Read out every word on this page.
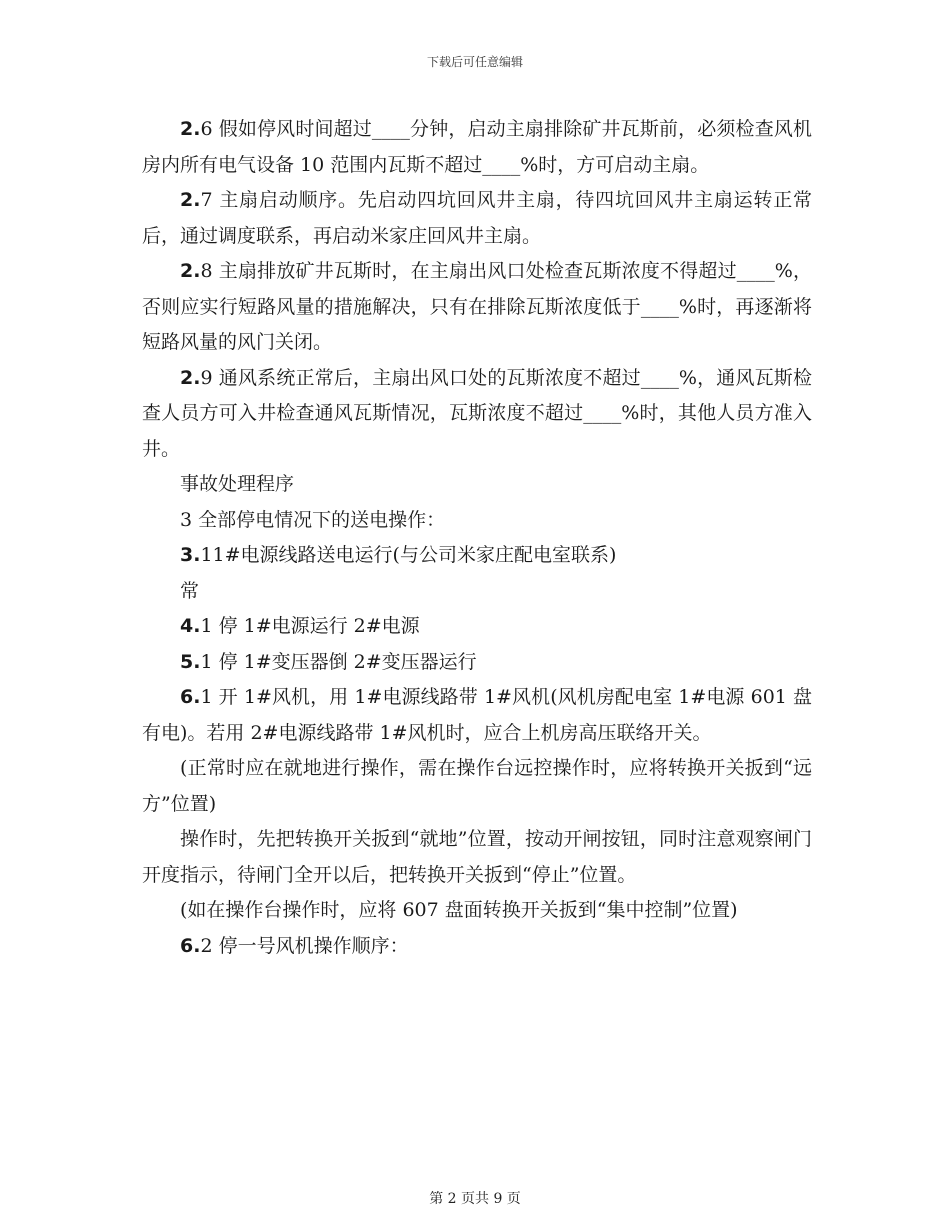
下载后可任意编辑

2.6 假如停风时间超过____分钟，启动主扇排除矿井瓦斯前，必须检查风机房内所有电气设备 10 范围内瓦斯不超过____%时，方可启动主扇。

2.7 主扇启动顺序。先启动四坑回风井主扇，待四坑回风井主扇运转正常后，通过调度联系，再启动米家庄回风井主扇。

2.8 主扇排放矿井瓦斯时，在主扇出风口处检查瓦斯浓度不得超过____%，否则应实行短路风量的措施解决，只有在排除瓦斯浓度低于____%时，再逐渐将短路风量的风门关闭。

2.9 通风系统正常后，主扇出风口处的瓦斯浓度不超过____%，通风瓦斯检查人员方可入井检查通风瓦斯情况，瓦斯浓度不超过____%时，其他人员方准入井。

事故处理程序

3 全部停电情况下的送电操作：

3.11#电源线路送电运行(与公司米家庄配电室联系)

常

4.1 停 1#电源运行 2#电源

5.1 停 1#变压器倒 2#变压器运行

6.1 开 1#风机，用 1#电源线路带 1#风机(风机房配电室 1#电源 601 盘有电)。若用 2#电源线路带 1#风机时，应合上机房高压联络开关。

(正常时应在就地进行操作，需在操作台远控操作时，应将转换开关扳到“远方”位置)

操作时，先把转换开关扳到“就地”位置，按动开闸按钮，同时注意观察闸门开度指示，待闸门全开以后，把转换开关扳到“停止”位置。

(如在操作台操作时，应将 607 盘面转换开关扳到“集中控制”位置)

6.2 停一号风机操作顺序：

第 2 页共 9 页
